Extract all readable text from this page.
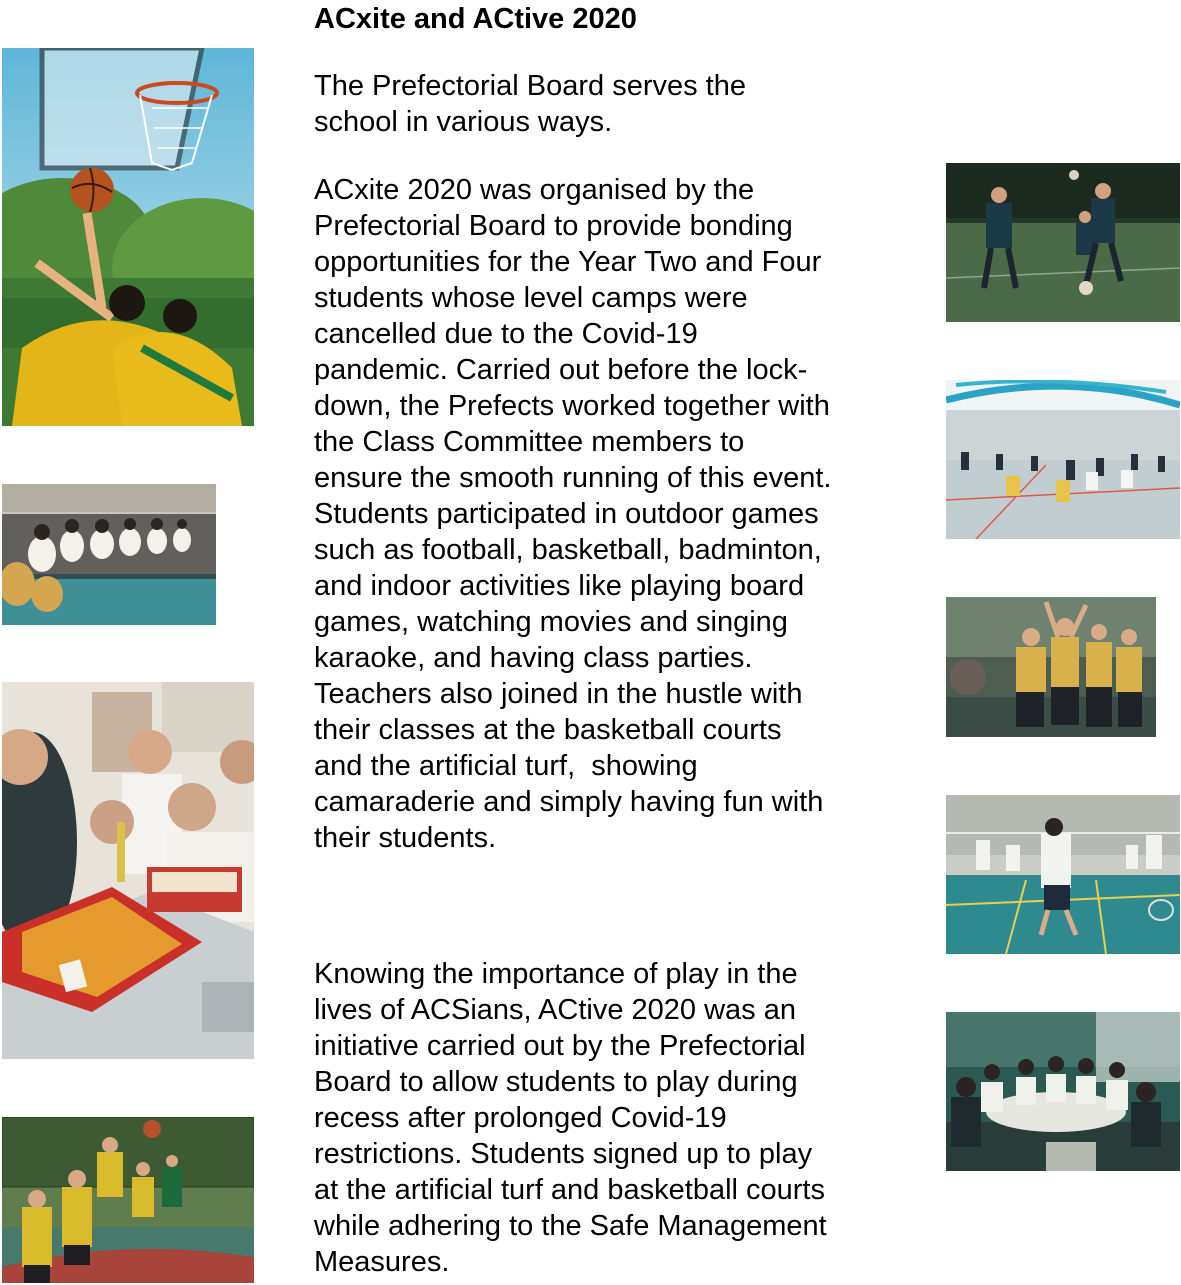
ACxite and ACtive 2020

The Prefectorial Board serves the
school in various ways.

ACxite 2020 was organised by the
Prefectorial Board to provide bonding
opportunities for the Year Two and Four
students whose level camps were
cancelled due to the Covid-19
pandemic. Carried out before the lock-
down, the Prefects worked together with
the Class Committee members to
ensure the smooth running of this event.
Students participated in outdoor games
such as football, basketball, badminton,
and indoor activities like playing board
games, watching movies and singing
karaoke, and having class parties.
Teachers also joined in the hustle with
their classes at the basketball courts
and the artificial turf,  showing
camaraderie and simply having fun with
their students.

Knowing the importance of play in the
lives of ACSians, ACtive 2020 was an
initiative carried out by the Prefectorial
Board to allow students to play during
recess after prolonged Covid-19
restrictions. Students signed up to play
at the artificial turf and basketball courts
while adhering to the Safe Management
Measures.
